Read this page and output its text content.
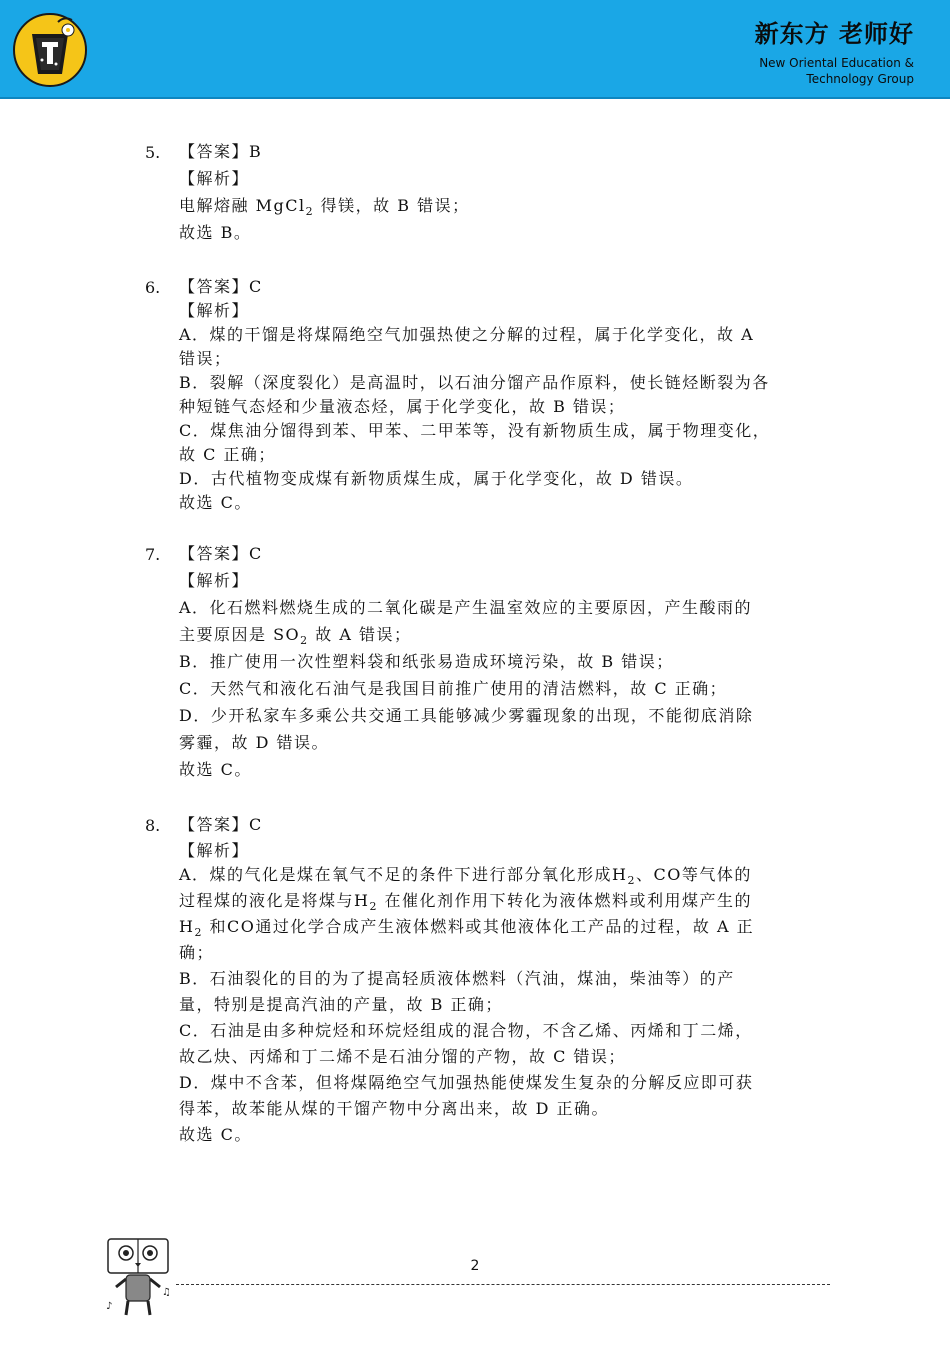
新东方 老师好
New Oriental Education &
Technology Group
5. 【答案】B
【解析】
电解熔融 MgCl$_2$ 得镁，故 B 错误；
故选 B。
6. 【答案】C
【解析】
A．煤的干馏是将煤隔绝空气加强热使之分解的过程，属于化学变化，故 A
错误；
B．裂解（深度裂化）是高温时，以石油分馏产品作原料，使长链烃断裂为各
种短链气态烃和少量液态烃，属于化学变化，故 B 错误；
C．煤焦油分馏得到苯、甲苯、二甲苯等，没有新物质生成，属于物理变化，
故 C 正确；
D．古代植物变成煤有新物质煤生成，属于化学变化，故 D 错误。
故选 C。
7. 【答案】C
【解析】
A．化石燃料燃烧生成的二氧化碳是产生温室效应的主要原因，产生酸雨的
主要原因是 $SO_2$ 故 A 错误；
B．推广使用一次性塑料袋和纸张易造成环境污染，故 B 错误；
C．天然气和液化石油气是我国目前推广使用的清洁燃料，故 C 正确；
D．少开私家车多乘公共交通工具能够减少雾霾现象的出现，不能彻底消除
雾霾，故 D 错误。
故选 C。
8. 【答案】C
【解析】
A．煤的气化是煤在氧气不足的条件下进行部分氧化形成$H_2$、CO等气体的
过程煤的液化是将煤与$H_2$ 在催化剂作用下转化为液体燃料或利用煤产生的
$H_2$ 和CO通过化学合成产生液体燃料或其他液体化工产品的过程，故 A 正
确；
B．石油裂化的目的为了提高轻质液体燃料（汽油，煤油，柴油等）的产
量，特别是提高汽油的产量，故 B 正确；
C．石油是由多种烷烃和环烷烃组成的混合物，不含乙烯、丙烯和丁二烯，
故乙炔、丙烯和丁二烯不是石油分馏的产物，故 C 错误；
D．煤中不含苯，但将煤隔绝空气加强热能使煤发生复杂的分解反应即可获
得苯，故苯能从煤的干馏产物中分离出来，故 D 正确。
故选 C。
♪
♫
2
